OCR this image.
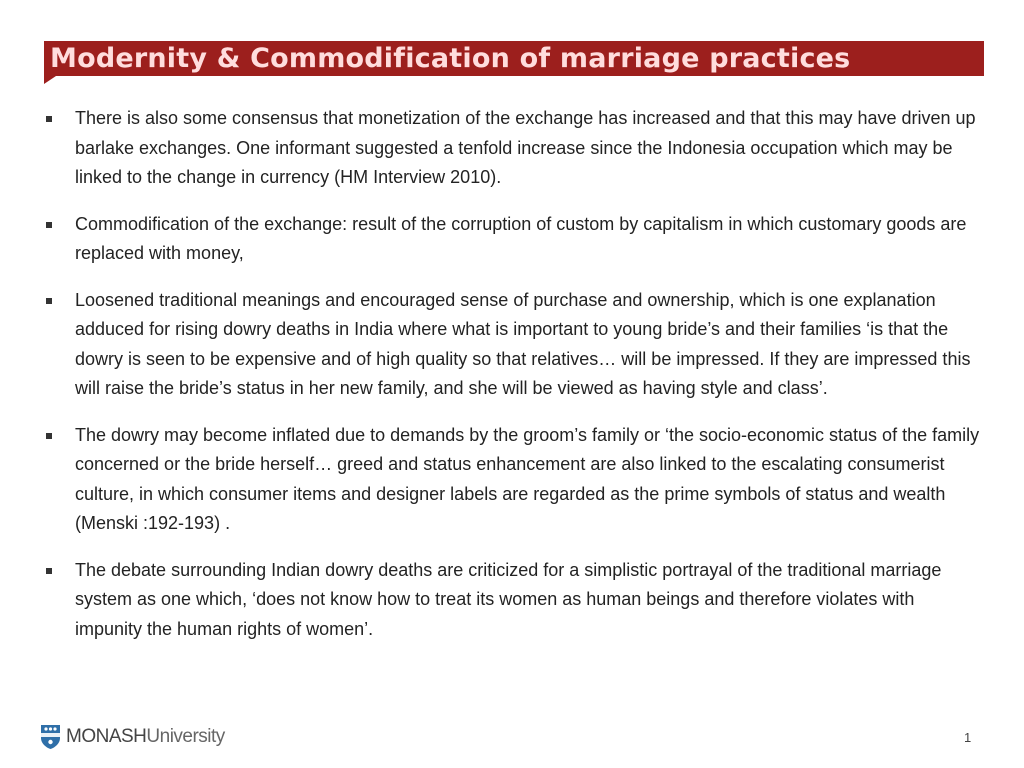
Modernity & Commodification of marriage practices
There is also some consensus that monetization of the exchange has increased and that this may have driven up barlake exchanges. One informant suggested a tenfold increase since the Indonesia occupation which may be linked to the change in currency (HM Interview 2010).
Commodification of the exchange: result of the corruption of custom by capitalism in which customary goods are replaced with money,
Loosened traditional meanings and encouraged sense of purchase and ownership, which is one explanation adduced for rising dowry deaths in India where what is important to young bride’s and their families ‘is that the dowry is seen to be expensive and of high quality so that relatives… will be impressed. If they are impressed this will raise the bride’s status in her new family, and she will be viewed as having style and class’.
The dowry may become inflated due to demands by the groom’s family or ‘the socio-economic status of the family concerned or the bride herself… greed and status enhancement are also linked to the escalating consumerist culture, in which consumer items and designer labels are regarded as the prime symbols of status and wealth (Menski :192-193) .
The debate surrounding Indian dowry deaths are criticized for a simplistic portrayal of the traditional marriage system as one which, ‘does not know how to treat its women as human beings and therefore violates with impunity the human rights of women’.
MONASH University	1
